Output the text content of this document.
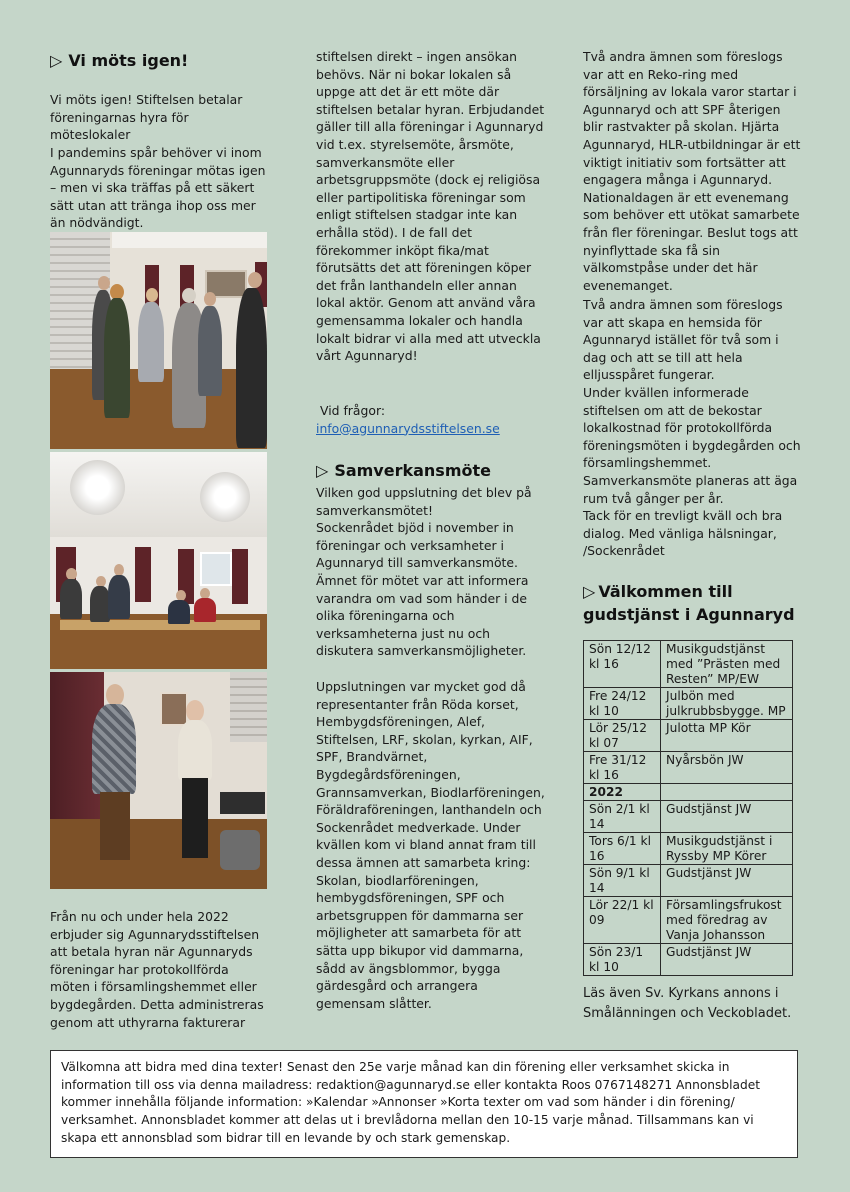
▷ Vi möts igen!

Vi möts igen! Stiftelsen betalar föreningarnas hyra för möteslokaler

I pandemins spår behöver vi inom Agunnaryds föreningar mötas igen – men vi ska träffas på ett säkert sätt utan att tränga ihop oss mer än nödvändigt.

Från nu och under hela 2022 erbjuder sig Agunnarydsstiftelsen att betala hyran när Agunnaryds föreningar har protokollförda möten i församlingshemmet eller bygdegården. Detta administreras genom att uthyrarna fakturerar

stiftelsen direkt – ingen ansökan behövs. När ni bokar lokalen så uppge att det är ett möte där stiftelsen betalar hyran. Erbjudandet gäller till alla föreningar i Agunnaryd vid t.ex. styrelsemöte, årsmöte, samverkansmöte eller arbetsgruppsmöte (dock ej religiösa eller partipolitiska föreningar som enligt stiftelsen stadgar inte kan erhålla stöd). I de fall det förekommer inköpt fika/mat förutsätts det att föreningen köper det från lanthandeln eller annan lokal aktör. Genom att använd våra gemensamma lokaler och handla lokalt bidrar vi alla med att utveckla vårt Agunnaryd!

Vid frågor:

info@agunnarydsstiftelsen.se

▷ Samverkansmöte

Vilken god uppslutning det blev på samverkansmötet!

Sockenrådet bjöd i november in föreningar och verksamheter i Agunnaryd till samverkansmöte. Ämnet för mötet var att informera varandra om vad som händer i de olika föreningarna och verksamheterna just nu och diskutera samverkansmöjligheter.

Uppslutningen var mycket god då representanter från Röda korset, Hembygdsföreningen, Alef, Stiftelsen, LRF, skolan, kyrkan, AIF, SPF, Brandvärnet, Bygdegårdsföreningen, Grannsamverkan, Biodlarföreningen, Föräldraföreningen, lanthandeln och Sockenrådet medverkade. Under kvällen kom vi bland annat fram till dessa ämnen att samarbeta kring:

Skolan, biodlarföreningen, hembygdsföreningen, SPF och arbetsgruppen för dammarna ser möjligheter att samarbeta för att sätta upp bikupor vid dammarna, sådd av ängsblommor, bygga gärdesgård och arrangera gemensam slåtter.

Två andra ämnen som föreslogs var att en Reko-ring med försäljning av lokala varor startar i Agunnaryd och att SPF återigen blir rastvakter på skolan. Hjärta Agunnaryd, HLR-utbildningar är ett viktigt initiativ som fortsätter att engagera många i Agunnaryd.

Nationaldagen är ett evenemang som behöver ett utökat samarbete från fler föreningar. Beslut togs att nyinflyttade ska få sin välkomstpåse under det här evenemanget.

Två andra ämnen som föreslogs var att skapa en hemsida för Agunnaryd istället för två som i dag och att se till att hela elljusspåret fungerar.

Under kvällen informerade stiftelsen om att de bekostar lokalkostnad för protokollförda föreningsmöten i bygdegården och församlingshemmet.

Samverkansmöte planeras att äga rum två gånger per år.

Tack för en trevligt kväll och bra dialog. Med vänliga hälsningar, /Sockenrådet

▷ Välkommen till gudstjänst i Agunnaryd
Sön 12/12 kl 16	Musikgudstjänst med ”Prästen med Resten” MP/EW
Fre 24/12 kl 10	Julbön med julkrubbsbygge. MP
Lör 25/12 kl 07	Julotta MP Kör
Fre 31/12 kl 16	Nyårsbön JW
2022	
Sön 2/1 kl 14	Gudstjänst JW
Tors 6/1 kl 16	Musikgudstjänst i Ryssby MP Körer
Sön 9/1 kl 14	Gudstjänst JW
Lör 22/1 kl 09	Församlingsfrukost med föredrag av Vanja Johansson
Sön 23/1 kl 10	Gudstjänst JW

Läs även Sv. Kyrkans annons i Smålänningen och Veckobladet.

Välkomna att bidra med dina texter! Senast den 25e varje månad kan din förening eller verksamhet skicka in information till oss via denna mailadress: redaktion@agunnaryd.se eller kontakta Roos 0767148271 Annonsbladet kommer innehålla följande information: »Kalendar »Annonser »Korta texter om vad som händer i din förening/ verksamhet. Annonsbladet kommer att delas ut i brevlådorna mellan den 10-15 varje månad. Tillsammans kan vi skapa ett annonsblad som bidrar till en levande by och stark gemenskap.
